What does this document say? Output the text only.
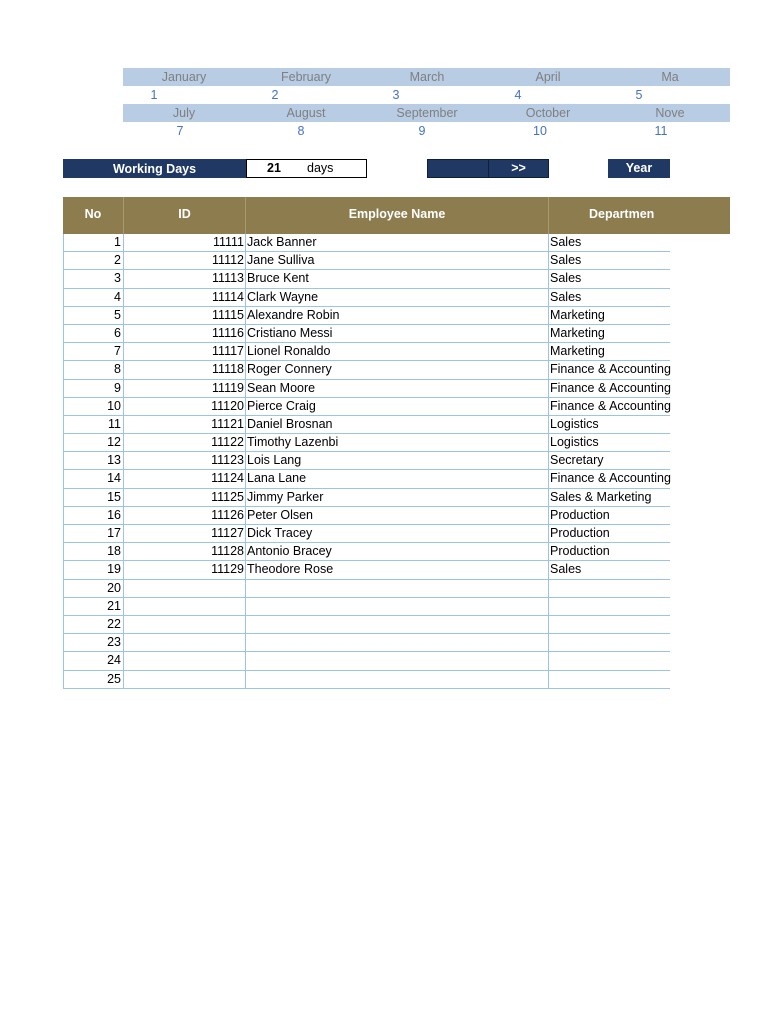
January	February	March	April	Ma
1	2	3	4	5
July	August	September	October	Nove
7	8	9	10	11
Working Days	21 days	>>	Year
No	ID	Employee Name	Departmen
1	11111 Jack Banner	Sales
2	11112 Jane Sulliva	Sales
3	11113 Bruce Kent	Sales
4	11114 Clark Wayne	Sales
5	11115 Alexandre Robin	Marketing
6	11116 Cristiano Messi	Marketing
7	11117 Lionel Ronaldo	Marketing
8	11118 Roger Connery	Finance & Accounting
9	11119 Sean Moore	Finance & Accounting
10	11120 Pierce Craig	Finance & Accounting
11	11121 Daniel Brosnan	Logistics
12	11122 Timothy Lazenbi	Logistics
13	11123 Lois Lang	Secretary
14	11124 Lana Lane	Finance & Accounting
15	11125 Jimmy Parker	Sales & Marketing
16	11126 Peter Olsen	Production
17	11127 Dick Tracey	Production
18	11128 Antonio Bracey	Production
19	11129 Theodore Rose	Sales
20
21
22
23
24
25
